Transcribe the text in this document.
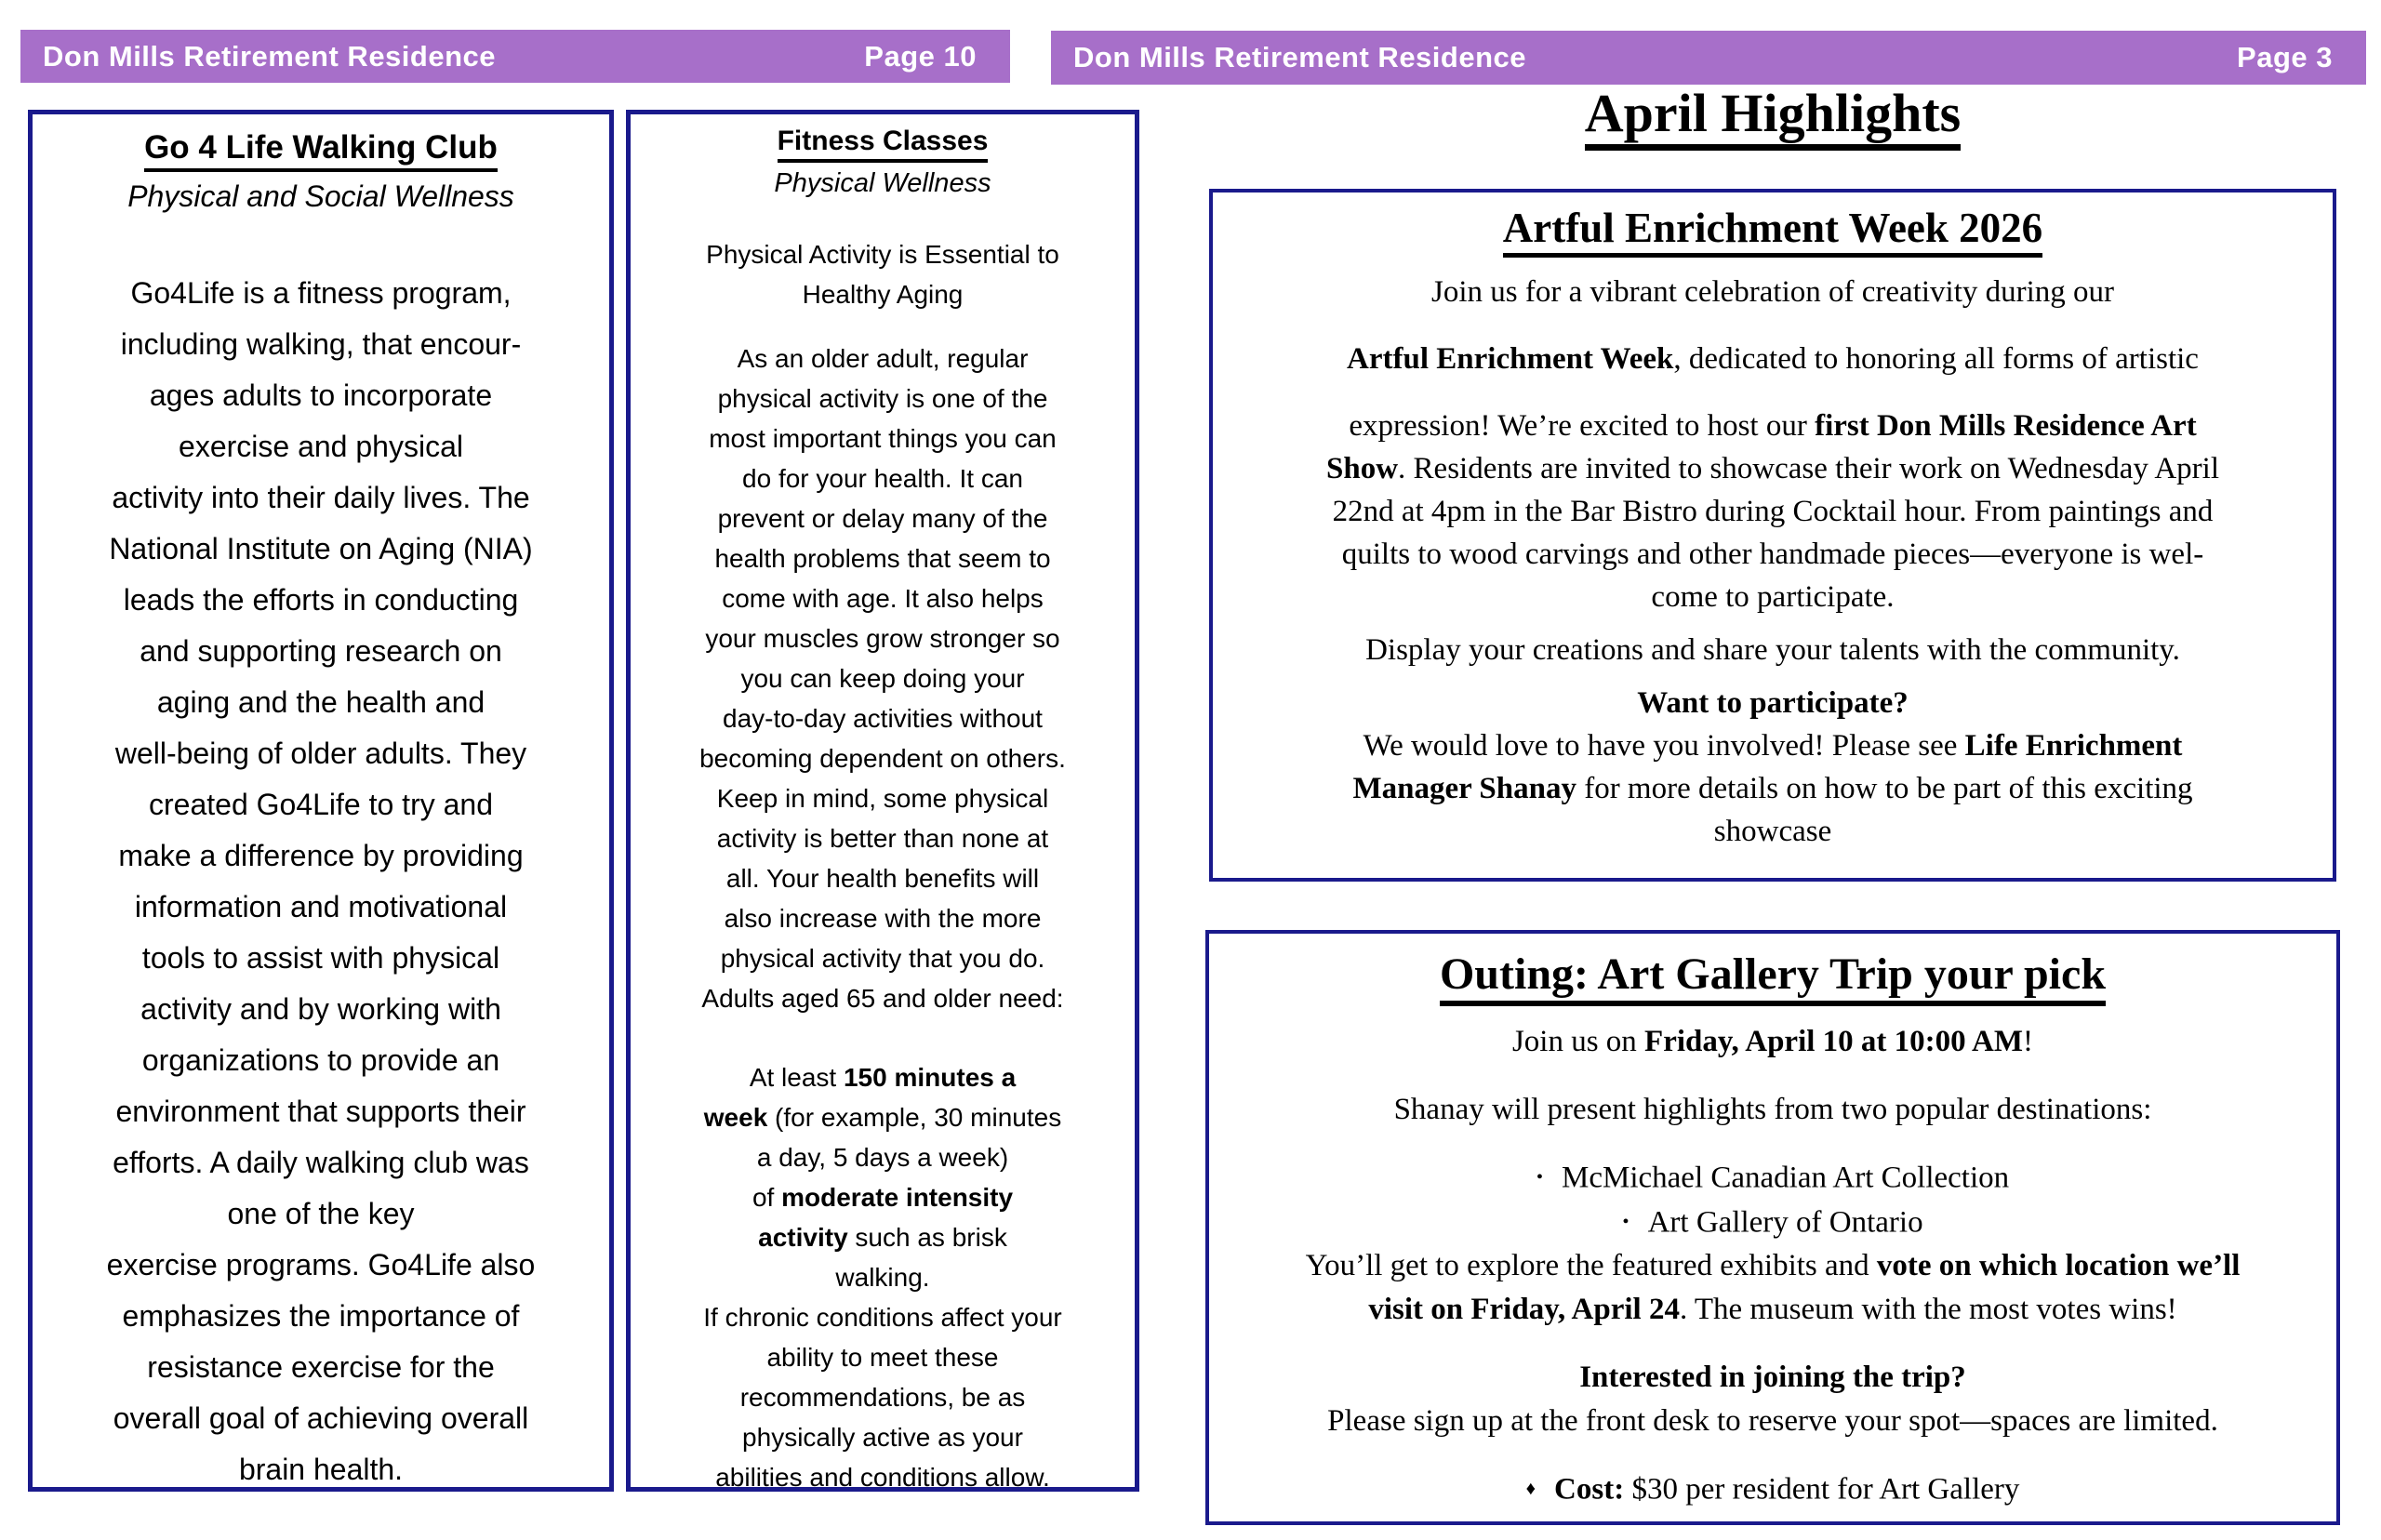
Don Mills Retirement Residence	Page 10	Don Mills Retirement Residence	Page 3
Go 4 Life Walking Club
Physical and Social Wellness
Go4Life is a fitness program,
including walking, that encour-
ages adults to incorporate
exercise and physical
activity into their daily lives. The
National Institute on Aging (NIA)
leads the efforts in conducting
and supporting research on
aging and the health and
well-being of older adults. They
created Go4Life to try and
make a difference by providing
information and motivational
tools to assist with physical
activity and by working with
organizations to provide an
environment that supports their
efforts. A daily walking club was
one of the key
exercise programs. Go4Life also
emphasizes the importance of
resistance exercise for the
overall goal of achieving overall
brain health.
Fitness Classes
Physical Wellness
Physical Activity is Essential to
Healthy Aging
As an older adult, regular
physical activity is one of the
most important things you can
do for your health. It can
prevent or delay many of the
health problems that seem to
come with age. It also helps
your muscles grow stronger so
you can keep doing your
day-to-day activities without
becoming dependent on others.
Keep in mind, some physical
activity is better than none at
all. Your health benefits will
also increase with the more
physical activity that you do.
Adults aged 65 and older need:
At least 150 minutes a
week (for example, 30 minutes
a day, 5 days a week)
of moderate intensity
activity such as brisk
walking.
If chronic conditions affect your
ability to meet these
recommendations, be as
physically active as your
abilities and conditions allow.
April Highlights
Artful Enrichment Week 2026
Join us for a vibrant celebration of creativity during our
Artful Enrichment Week, dedicated to honoring all forms of artistic
expression! We’re excited to host our first Don Mills Residence Art
Show. Residents are invited to showcase their work on Wednesday April
22nd at 4pm in the Bar Bistro during Cocktail hour. From paintings and
quilts to wood carvings and other handmade pieces—everyone is wel-
come to participate.
Display your creations and share your talents with the community.
Want to participate?
We would love to have you involved! Please see Life Enrichment
Manager Shanay for more details on how to be part of this exciting
showcase
Outing: Art Gallery Trip your pick
Join us on Friday, April 10 at 10:00 AM!
Shanay will present highlights from two popular destinations:
• McMichael Canadian Art Collection
• Art Gallery of Ontario
You’ll get to explore the featured exhibits and vote on which location we’ll
visit on Friday, April 24. The museum with the most votes wins!
Interested in joining the trip?
Please sign up at the front desk to reserve your spot—spaces are limited.
♦ Cost: $30 per resident for Art Gallery
